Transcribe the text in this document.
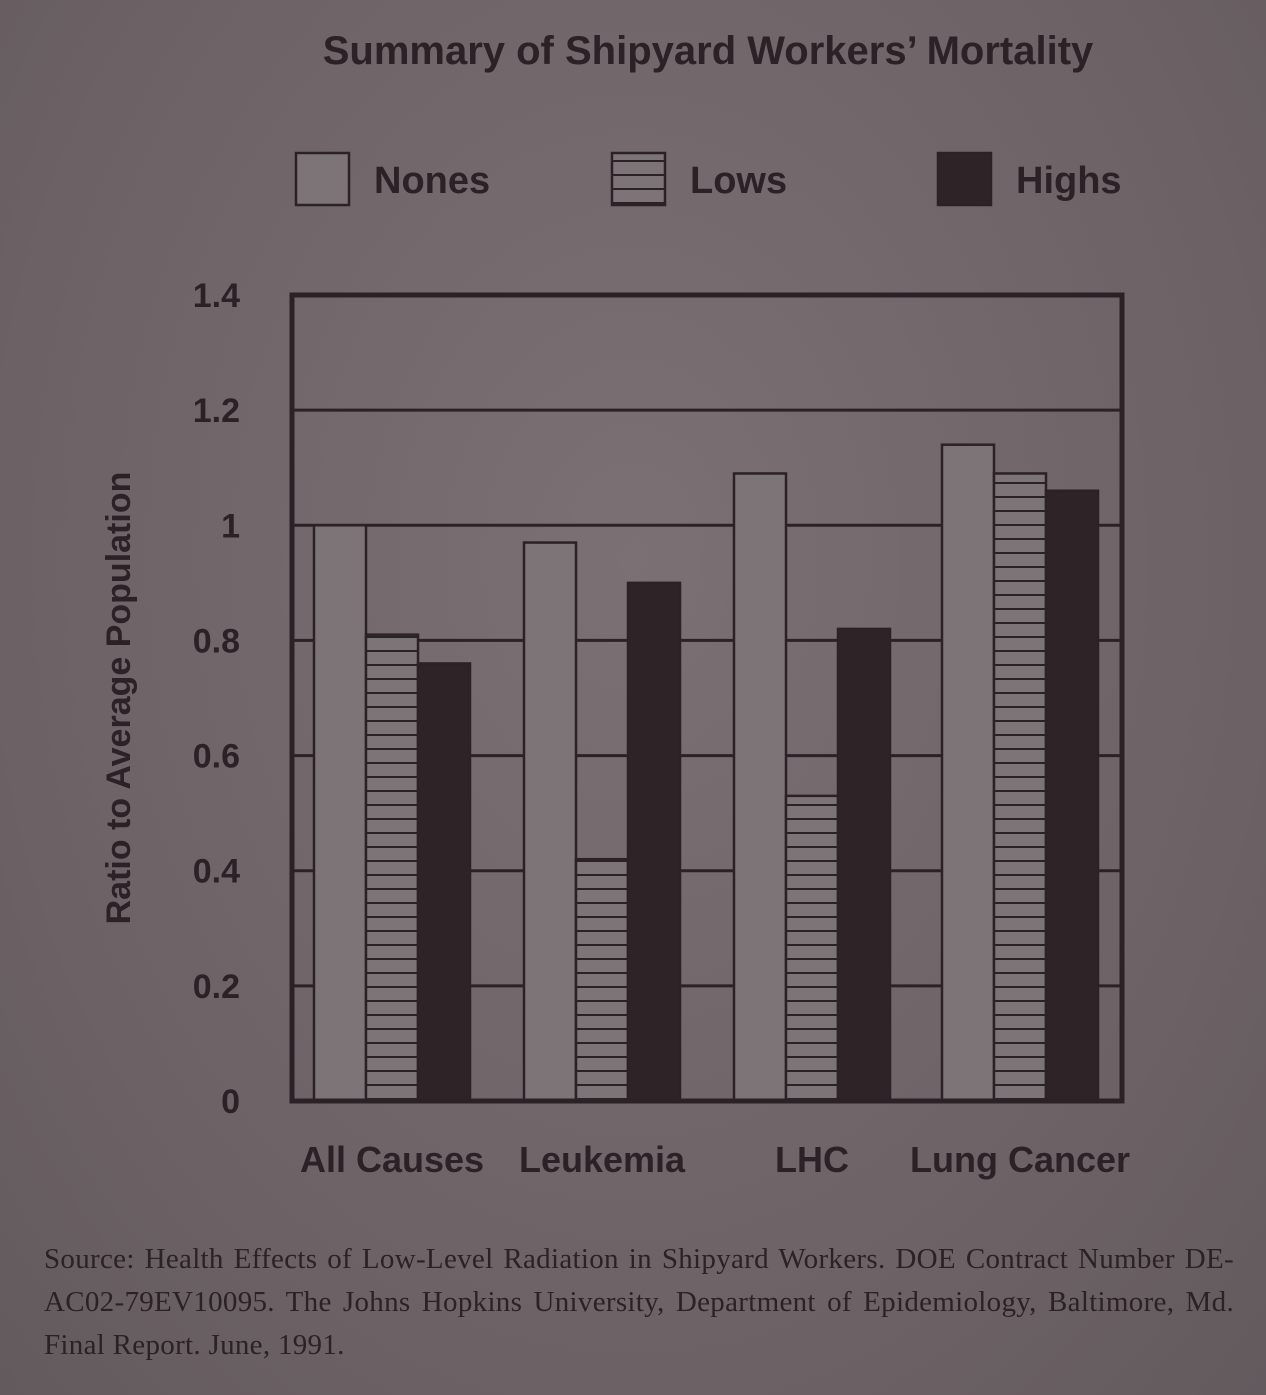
Summary of Shipyard Workers’ Mortality
Nones	Lows	Highs
0
0.2
0.4
0.6
0.8
1
1.2
1.4
All Causes Leukemia LHC Lung Cancer
Ratio to Average Population
Source: Health Effects of Low-Level Radiation in Shipyard Workers. DOE Contract Number DE-AC02-79EV10095. The Johns Hopkins University, Department of Epidemiology, Baltimore, Md. Final Report. June, 1991.
